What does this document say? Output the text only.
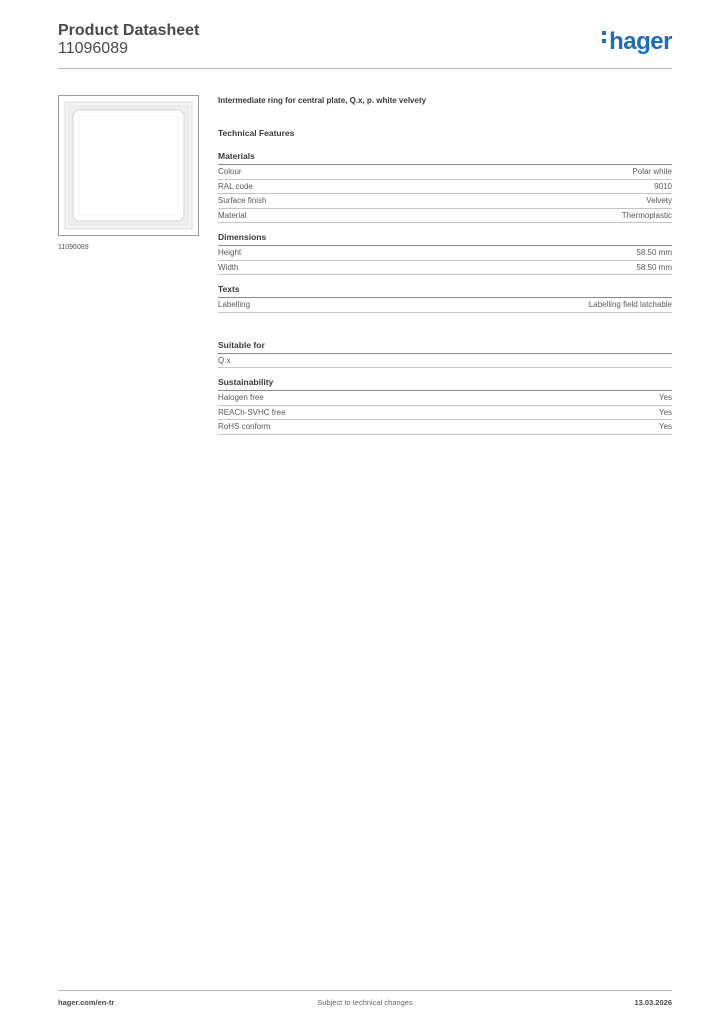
Product Datasheet
11096089	hager
11096089
Intermediate ring for central plate, Q.x, p. white velvety
Technical Features
Materials
Colour	Polar white
RAL code	9010
Surface finish	Velvety
Material	Thermoplastic
Dimensions
Height	58.50 mm
Width	58.50 mm
Texts
Labelling	Labelling field latchable
Suitable for
Q.x
Sustainability
Halogen free	Yes
REACh-SVHC free	Yes
RoHS conform	Yes
hager.com/en-tr	Subject to technical changes	13.03.2026
